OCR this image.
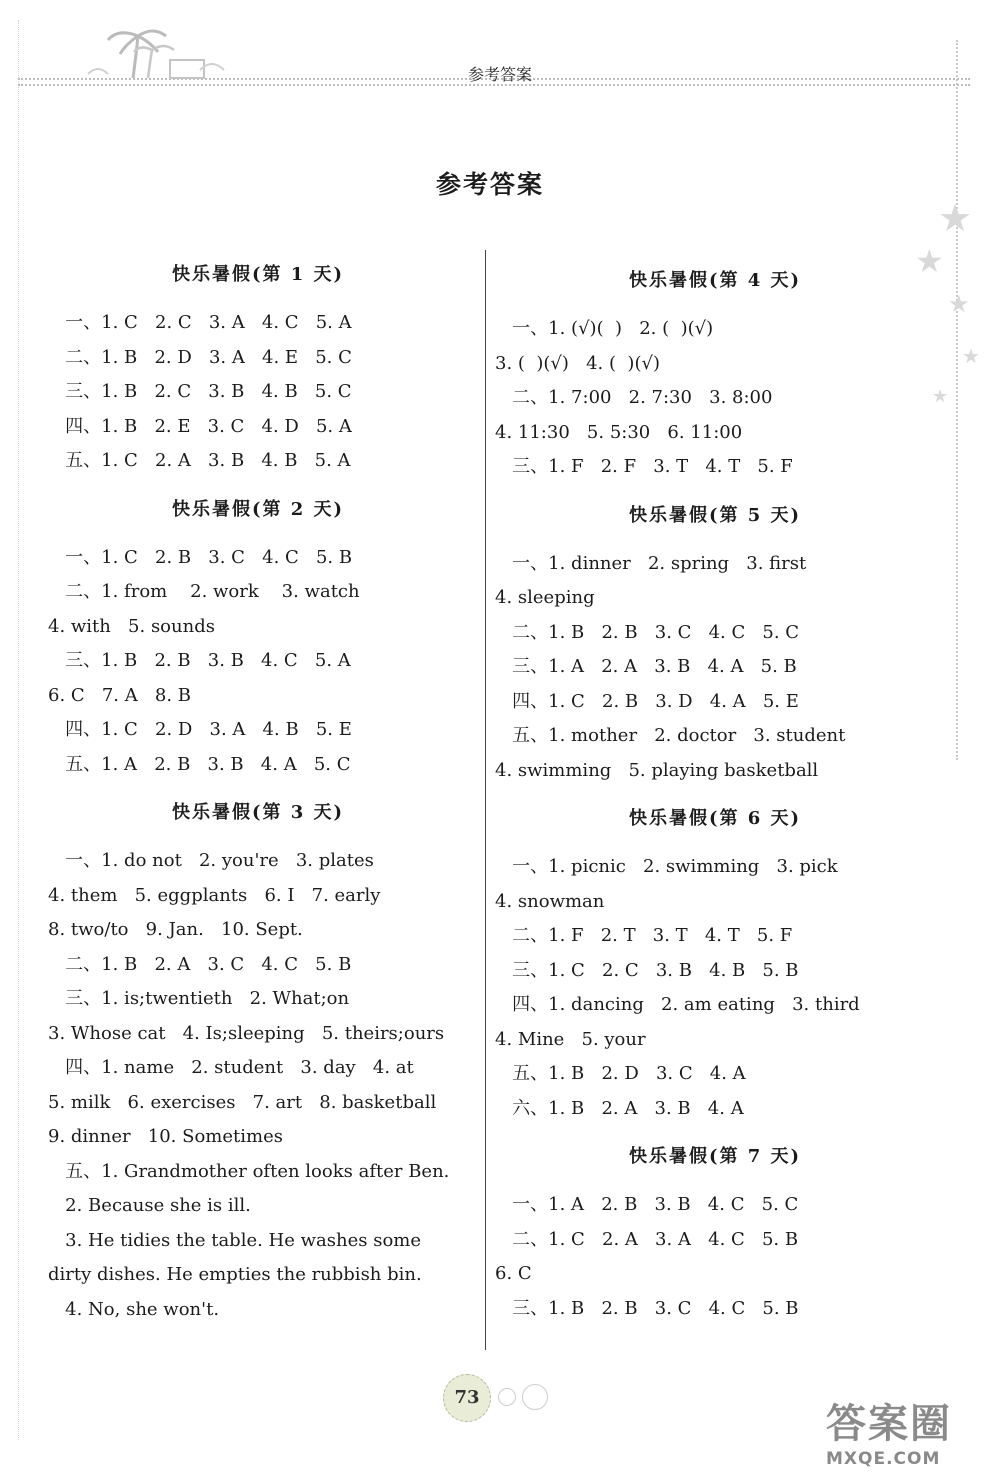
参考答案
★
★
★
★
★
参考答案
快乐暑假(第 1 天)
一、1. C   2. C   3. A   4. C   5. A
二、1. B   2. D   3. A   4. E   5. C
三、1. B   2. C   3. B   4. B   5. C
四、1. B   2. E   3. C   4. D   5. A
五、1. C   2. A   3. B   4. B   5. A
快乐暑假(第 2 天)
一、1. C   2. B   3. C   4. C   5. B
二、1. from    2. work    3. watch
4. with   5. sounds
三、1. B   2. B   3. B   4. C   5. A
6. C   7. A   8. B
四、1. C   2. D   3. A   4. B   5. E
五、1. A   2. B   3. B   4. A   5. C
快乐暑假(第 3 天)
一、1. do not   2. you're   3. plates
4. them   5. eggplants   6. I   7. early
8. two/to   9. Jan.   10. Sept.
二、1. B   2. A   3. C   4. C   5. B
三、1. is;twentieth   2. What;on
3. Whose cat   4. Is;sleeping   5. theirs;ours
四、1. name   2. student   3. day   4. at
5. milk   6. exercises   7. art   8. basketball
9. dinner   10. Sometimes
五、1. Grandmother often looks after Ben.
2. Because she is ill.
3. He tidies the table. He washes some
dirty dishes. He empties the rubbish bin.
4. No, she won't.
快乐暑假(第 4 天)
一、1. (√)(  )   2. (  )(√)
3. (  )(√)   4. (  )(√)
二、1. 7:00   2. 7:30   3. 8:00
4. 11:30   5. 5:30   6. 11:00
三、1. F   2. F   3. T   4. T   5. F
快乐暑假(第 5 天)
一、1. dinner   2. spring   3. first
4. sleeping
二、1. B   2. B   3. C   4. C   5. C
三、1. A   2. A   3. B   4. A   5. B
四、1. C   2. B   3. D   4. A   5. E
五、1. mother   2. doctor   3. student
4. swimming   5. playing basketball
快乐暑假(第 6 天)
一、1. picnic   2. swimming   3. pick
4. snowman
二、1. F   2. T   3. T   4. T   5. F
三、1. C   2. C   3. B   4. B   5. B
四、1. dancing   2. am eating   3. third
4. Mine   5. your
五、1. B   2. D   3. C   4. A
六、1. B   2. A   3. B   4. A
快乐暑假(第 7 天)
一、1. A   2. B   3. B   4. C   5. C
二、1. C   2. A   3. A   4. C   5. B
6. C
三、1. B   2. B   3. C   4. C   5. B
73
答案圈
MXQE.COM
